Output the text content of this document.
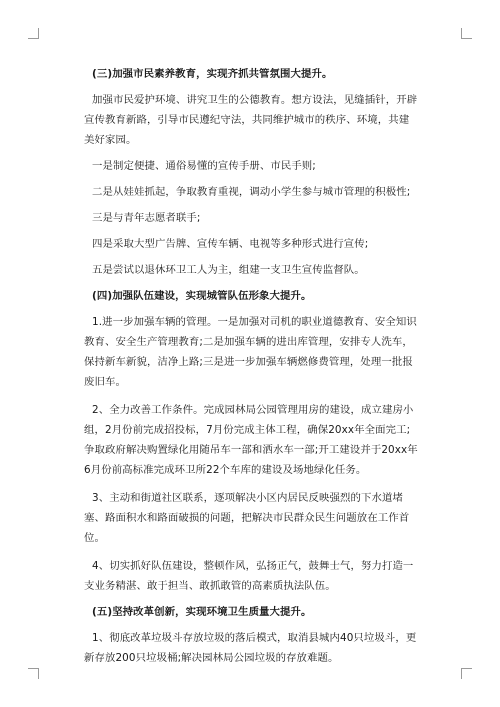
(三)加强市民素养教育，实现齐抓共管氛围大提升。

加强市民爱护环境、讲究卫生的公德教育。想方设法，见缝插针，开辟宣传教育新路，引导市民遵纪守法，共同维护城市的秩序、环境，共建美好家园。

一是制定便捷、通俗易懂的宣传手册、市民手则;

二是从娃娃抓起，争取教育重视，调动小学生参与城市管理的积极性;

三是与青年志愿者联手;

四是采取大型广告牌、宣传车辆、电视等多种形式进行宣传;

五是尝试以退休环卫工人为主，组建一支卫生宣传监督队。

(四)加强队伍建设，实现城管队伍形象大提升。

1.进一步加强车辆的管理。一是加强对司机的职业道德教育、安全知识教育、安全生产管理教育;二是加强车辆的进出库管理，安排专人洗车，保持新车新貌，洁净上路;三是进一步加强车辆燃修费管理，处理一批报废旧车。

2、全力改善工作条件。完成园林局公园管理用房的建设，成立建房小组，2月份前完成招投标，7月份完成主体工程，确保20xx年全面完工;争取政府解决购置绿化用随吊车一部和洒水车一部;开工建设并于20xx年6月份前高标准完成环卫所22个车库的建设及场地绿化任务。

3、主动和街道社区联系，逐项解决小区内居民反映强烈的下水道堵塞、路面积水和路面破损的问题，把解决市民群众民生问题放在工作首位。

4、切实抓好队伍建设，整顿作风，弘扬正气，鼓舞士气，努力打造一支业务精湛、敢于担当、敢抓敢管的高素质执法队伍。

(五)坚持改革创新，实现环境卫生质量大提升。

1、彻底改革垃圾斗存放垃圾的落后模式，取消县城内40只垃圾斗，更新存放200只垃圾桶;解决园林局公园垃圾的存放难题。
